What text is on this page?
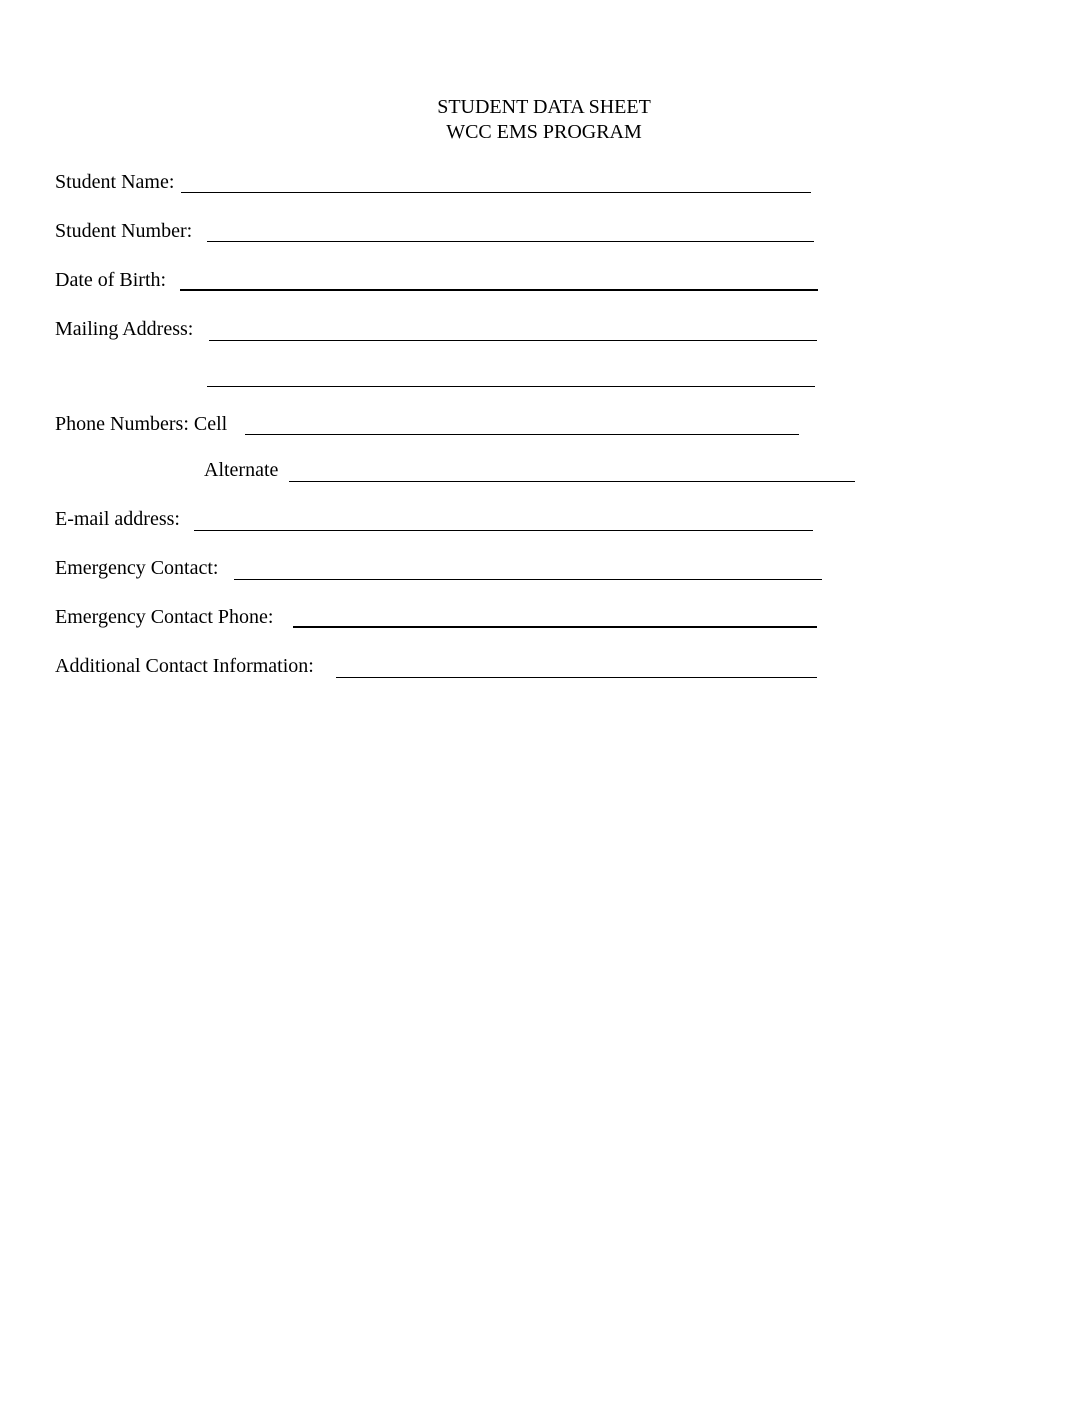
STUDENT DATA SHEET
WCC EMS PROGRAM
Student Name:
Student Number:
Date of Birth:
Mailing Address:
Phone Numbers: Cell
Alternate
E-mail address:
Emergency Contact:
Emergency Contact Phone:
Additional Contact Information:
